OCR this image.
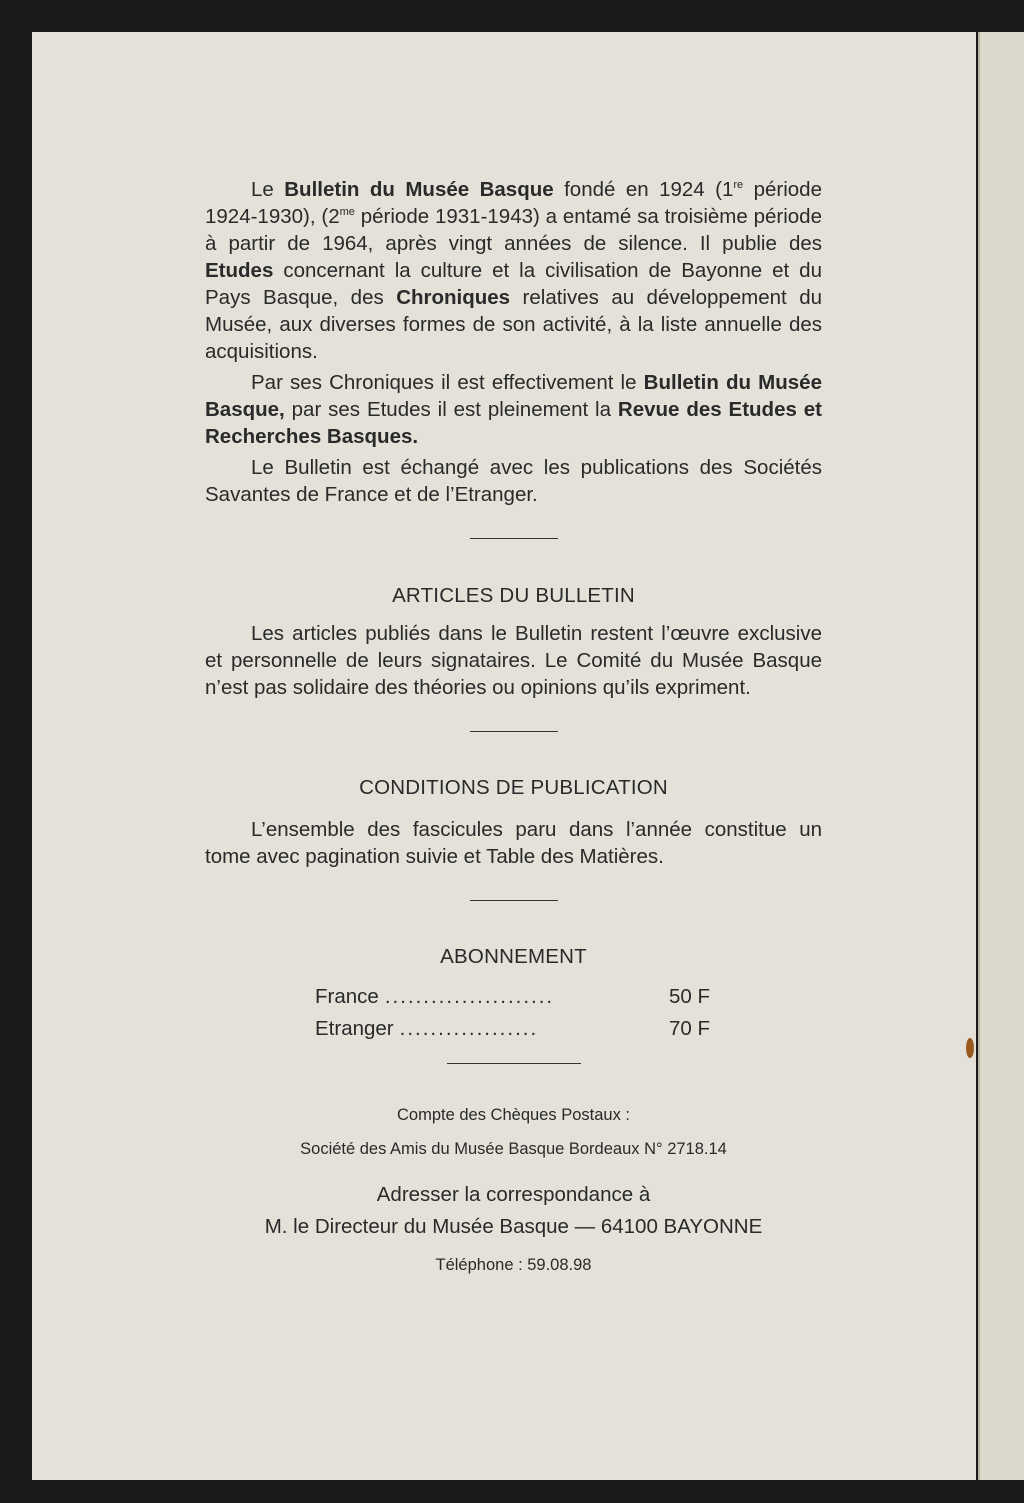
Le Bulletin du Musée Basque fondé en 1924 (1re période 1924-1930), ($2^{me}$ période 1931-1943) a entamé sa troisième période à partir de 1964, après vingt années de silence. Il publie des Etudes concernant la culture et la civilisation de Bayonne et du Pays Basque, des Chroniques relatives au développement du Musée, aux diverses formes de son activité, à la liste annuelle des acquisitions.

Par ses Chroniques il est effectivement le Bulletin du Musée Basque, par ses Etudes il est pleinement la Revue des Etudes et Recherches Basques.

Le Bulletin est échangé avec les publications des Sociétés Savantes de France et de l’Etranger.

ARTICLES DU BULLETIN

Les articles publiés dans le Bulletin restent l’œuvre exclusive et personnelle de leurs signataires. Le Comité du Musée Basque n’est pas solidaire des théories ou opinions qu’ils expriment.

CONDITIONS DE PUBLICATION

L’ensemble des fascicules paru dans l’année constitue un tome avec pagination suivie et Table des Matières.

ABONNEMENT
France ......................	50 F
Etranger ..................	70 F
Compte des Chèques Postaux :
Société des Amis du Musée Basque Bordeaux N° 2718.14
Adresser la correspondance à
M. le Directeur du Musée Basque — 64100 BAYONNE
Téléphone : 59.08.98
